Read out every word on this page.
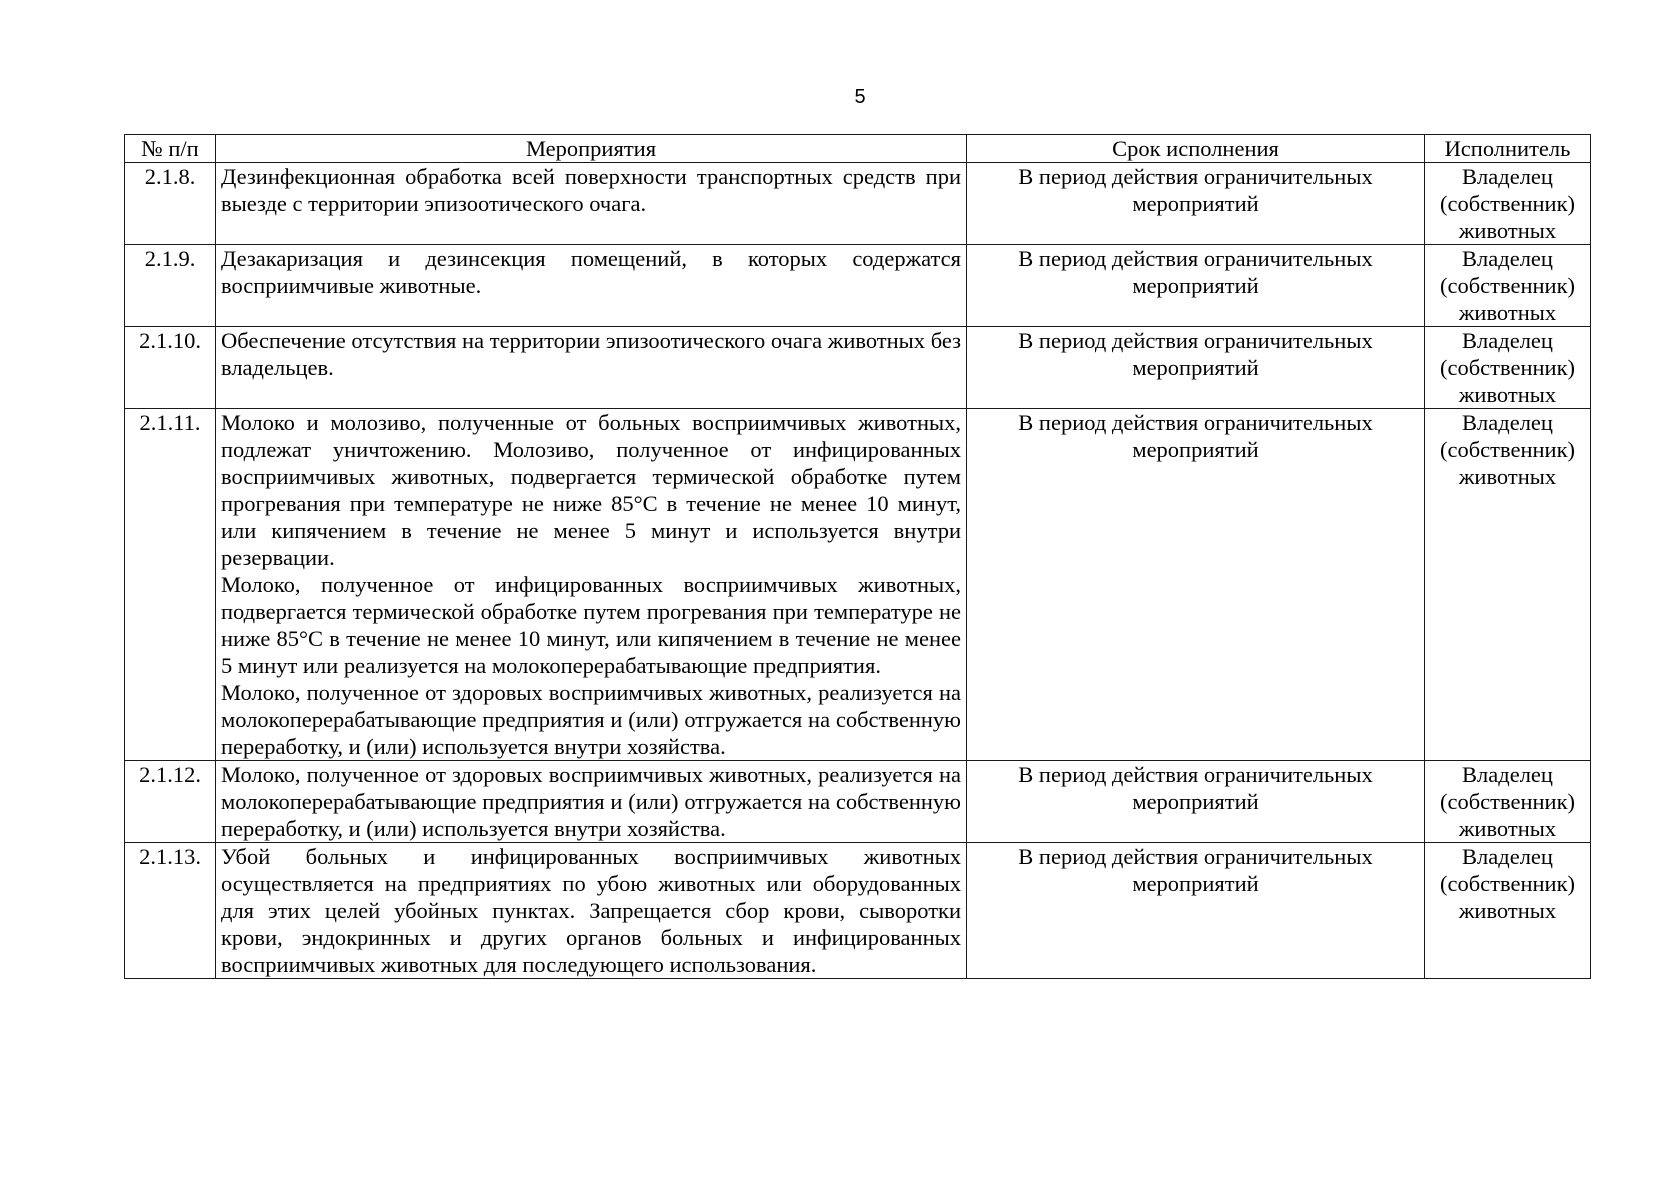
5
№ п/п	Мероприятия	Срок исполнения	Исполнитель
2.1.8.	Дезинфекционная обработка всей поверхности транспортных средств при выезде с территории эпизоотического очага.	В период действия ограничительных мероприятий	Владелец (собственник) животных
2.1.9.	Дезакаризация и дезинсекция помещений, в которых содержатся восприимчивые животные.	В период действия ограничительных мероприятий	Владелец (собственник) животных
2.1.10.	Обеспечение отсутствия на территории эпизоотического очага животных без владельцев.	В период действия ограничительных мероприятий	Владелец (собственник) животных
2.1.11.	Молоко и молозиво, полученные от больных восприимчивых животных, подлежат уничтожению. Молозиво, полученное от инфицированных восприимчивых животных, подвергается термической обработке путем прогревания при температуре не ниже 85°С в течение не менее 10 минут, или кипячением в течение не менее 5 минут и используется внутри резервации.

Молоко, полученное от инфицированных восприимчивых животных, подвергается термической обработке путем прогревания при температуре не ниже 85°С в течение не менее 10 минут, или кипячением в течение не менее 5 минут или реализуется на молокоперерабатывающие предприятия.

Молоко, полученное от здоровых восприимчивых животных, реализуется на молокоперерабатывающие предприятия и (или) отгружается на собственную переработку, и (или) используется внутри хозяйства.	В период действия ограничительных мероприятий	Владелец (собственник) животных
2.1.12.	Молоко, полученное от здоровых восприимчивых животных, реализуется на молокоперерабатывающие предприятия и (или) отгружается на собственную переработку, и (или) используется внутри хозяйства.	В период действия ограничительных мероприятий	Владелец (собственник) животных
2.1.13.	Убой больных и инфицированных восприимчивых животных осуществляется на предприятиях по убою животных или оборудованных для этих целей убойных пунктах. Запрещается сбор крови, сыворотки крови, эндокринных и других органов больных и инфицированных восприимчивых животных для последующего использования.	В период действия ограничительных мероприятий	Владелец (собственник) животных
